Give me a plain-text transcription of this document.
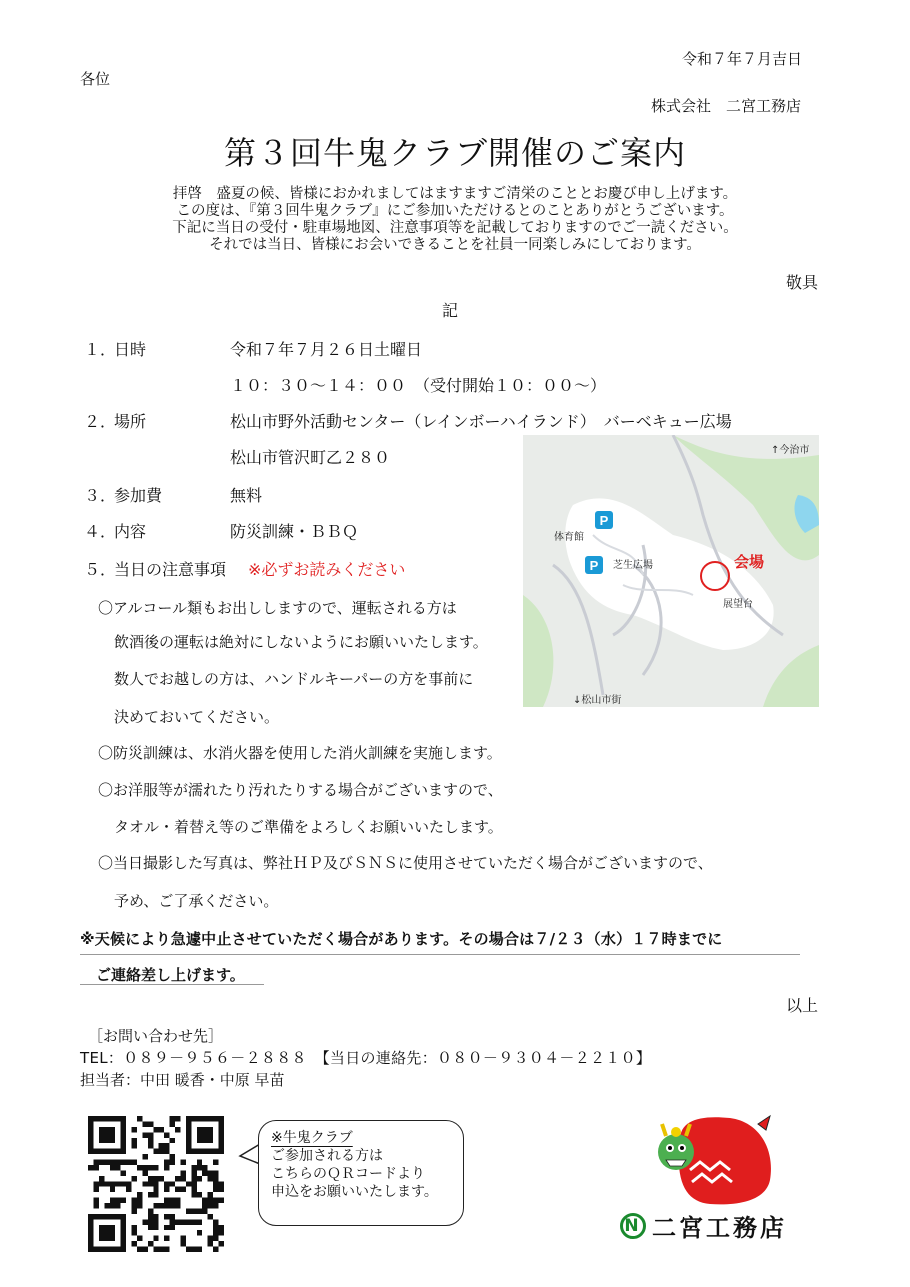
令和７年７月吉日
各位
株式会社　二宮工務店
第３回牛鬼クラブ開催のご案内
拝啓　盛夏の候、皆様におかれましてはますますご清栄のこととお慶び申し上げます。
この度は、『第３回牛鬼クラブ』にご参加いただけるとのことありがとうございます。
下記に当日の受付・駐車場地図、注意事項等を記載しておりますのでご一読ください。
それでは当日、皆様にお会いできることを社員一同楽しみにしております。
敬具
記
１．
日時	令和７年７月２６日土曜日
１０：３０～１４：００　（受付開始１０：００～）
２．
場所	松山市野外活動センター（レインボーハイランド）　バーベキュー広場
松山市管沢町乙２８０
３．
参加費	無料
４．
内容	防災訓練・ＢＢＱ
５．
当日の注意事項 ※必ずお読みください
〇アルコール類もお出ししますので、運転される方は
飲酒後の運転は絶対にしないようにお願いいたします。
数人でお越しの方は、ハンドルキーパーの方を事前に
決めておいてください。
〇防災訓練は、水消火器を使用した消火訓練を実施します。
〇お洋服等が濡れたり汚れたりする場合がございますので、
タオル・着替え等のご準備をよろしくお願いいたします。
〇当日撮影した写真は、弊社ＨＰ及びＳＮＳに使用させていただく場合がございますので、
予め、ご了承ください。
※天候により急遽中止させていただく場合があります。その場合は７/２３（水）１７時までに
ご連絡差し上げます。
以上
［お問い合わせ先］
TEL：０８９－９５６－２８８８　【当日の連絡先：０８０－９３０４－２２１０】
担当者：中田 暖香・中原 早苗
P
P
体育館
芝生広場	会場
展望台
↑今治市
↓松山市街
※牛鬼クラブ
ご参加される方は
こちらのＱＲコードより
申込をお願いいたします。
N 二宮工務店
